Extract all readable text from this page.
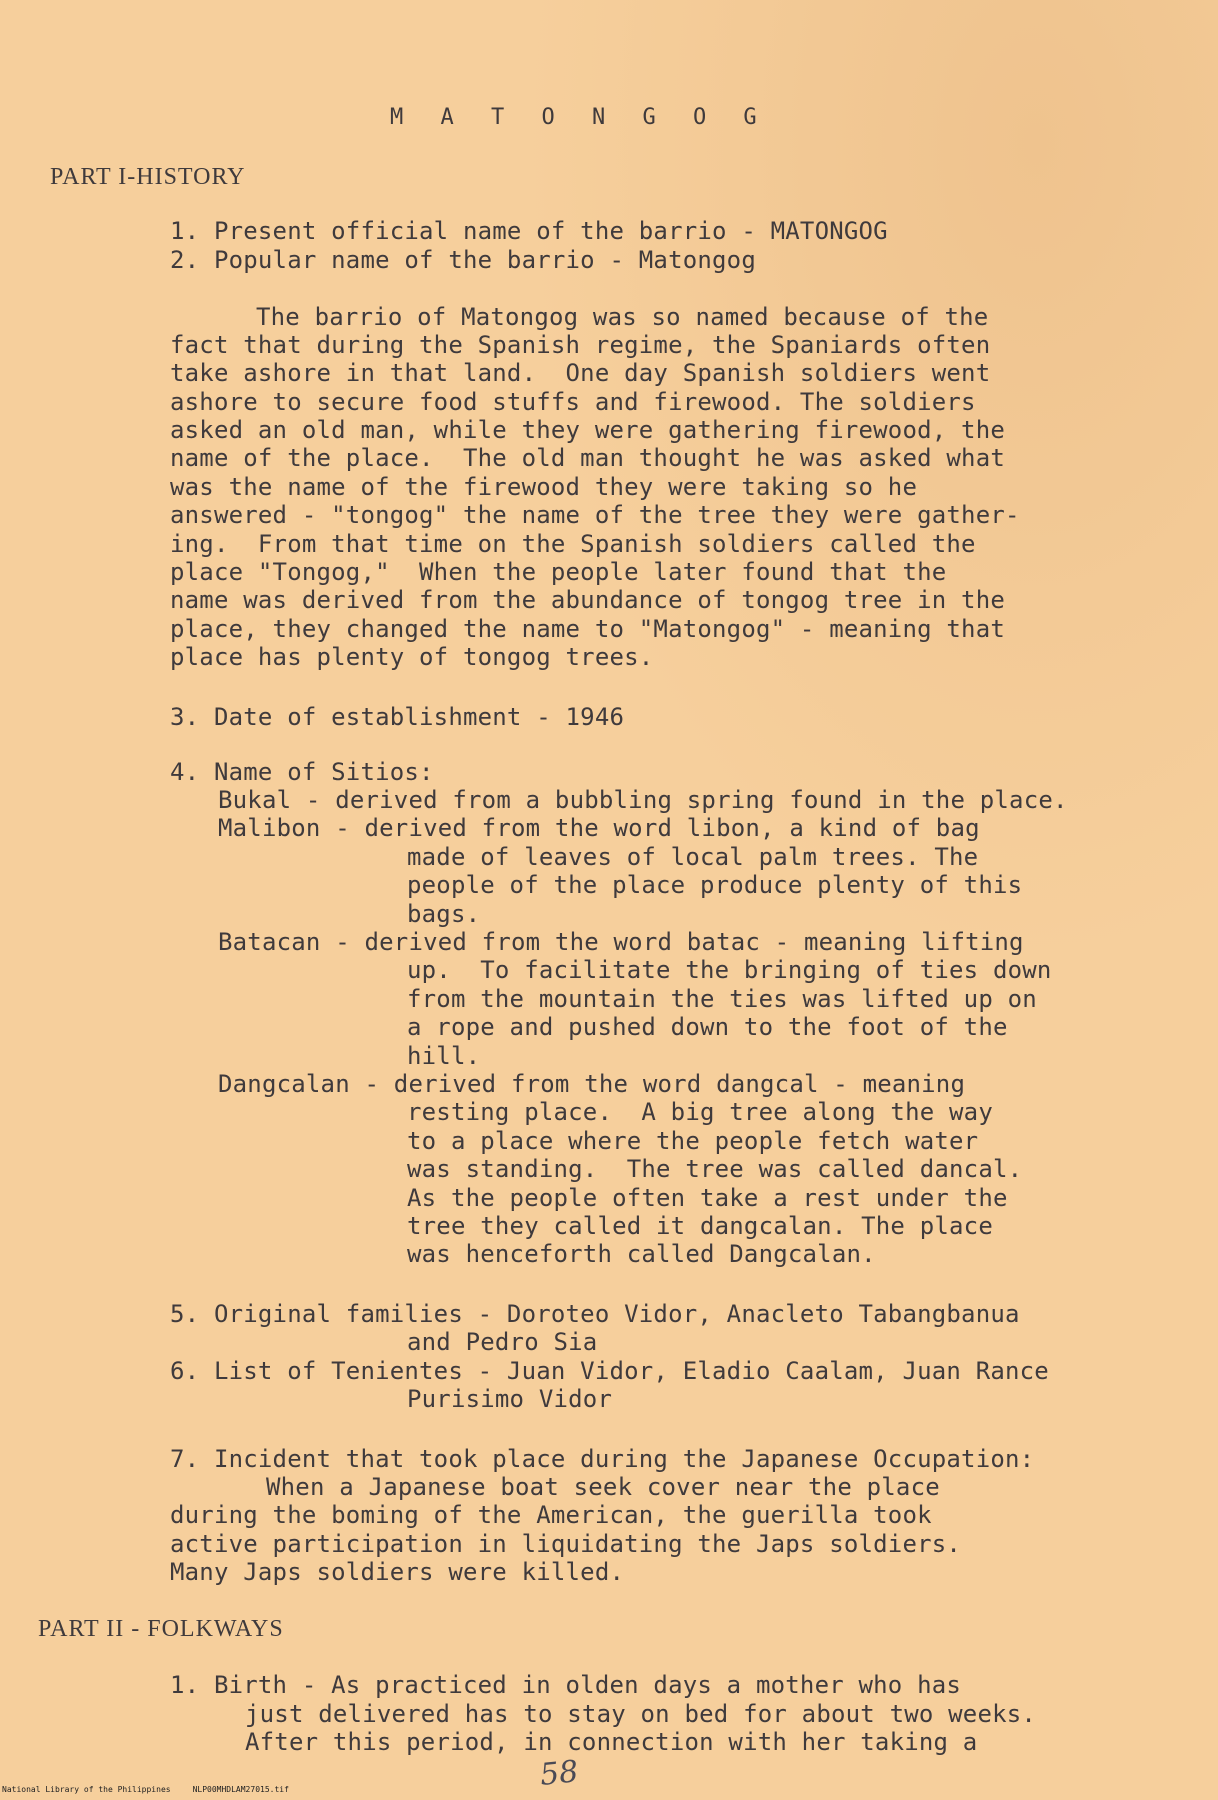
M A T O N G O G
PART I-HISTORY
1. Present official name of the barrio - MATONGOG
2. Popular name of the barrio - Matongog
The barrio of Matongog was so named because of the
fact that during the Spanish regime, the Spaniards often
take ashore in that land.  One day Spanish soldiers went
ashore to secure food stuffs and firewood. The soldiers
asked an old man, while they were gathering firewood, the
name of the place.  The old man thought he was asked what
was the name of the firewood they were taking so he
answered - "tongog" the name of the tree they were gather-
ing.  From that time on the Spanish soldiers called the
place "Tongog,"  When the people later found that the
name was derived from the abundance of tongog tree in the
place, they changed the name to "Matongog" - meaning that
place has plenty of tongog trees.
3. Date of establishment - 1946
4. Name of Sitios:
Bukal - derived from a bubbling spring found in the place.
Malibon - derived from the word libon, a kind of bag
made of leaves of local palm trees. The
people of the place produce plenty of this
bags.
Batacan - derived from the word batac - meaning lifting
up.  To facilitate the bringing of ties down
from the mountain the ties was lifted up on
a rope and pushed down to the foot of the
hill.
Dangcalan - derived from the word dangcal - meaning
resting place.  A big tree along the way
to a place where the people fetch water
was standing.  The tree was called dancal.
As the people often take a rest under the
tree they called it dangcalan. The place
was henceforth called Dangcalan.
5. Original families - Doroteo Vidor, Anacleto Tabangbanua
and Pedro Sia
6. List of Tenientes - Juan Vidor, Eladio Caalam, Juan Rance
Purisimo Vidor
7. Incident that took place during the Japanese Occupation:
When a Japanese boat seek cover near the place
during the boming of the American, the guerilla took
active participation in liquidating the Japs soldiers.
Many Japs soldiers were killed.
PART II - FOLKWAYS
1. Birth - As practiced in olden days a mother who has
just delivered has to stay on bed for about two weeks.
After this period, in connection with her taking a
58
National Library of the Philippines	NLP00MHDLAM27015.tif
